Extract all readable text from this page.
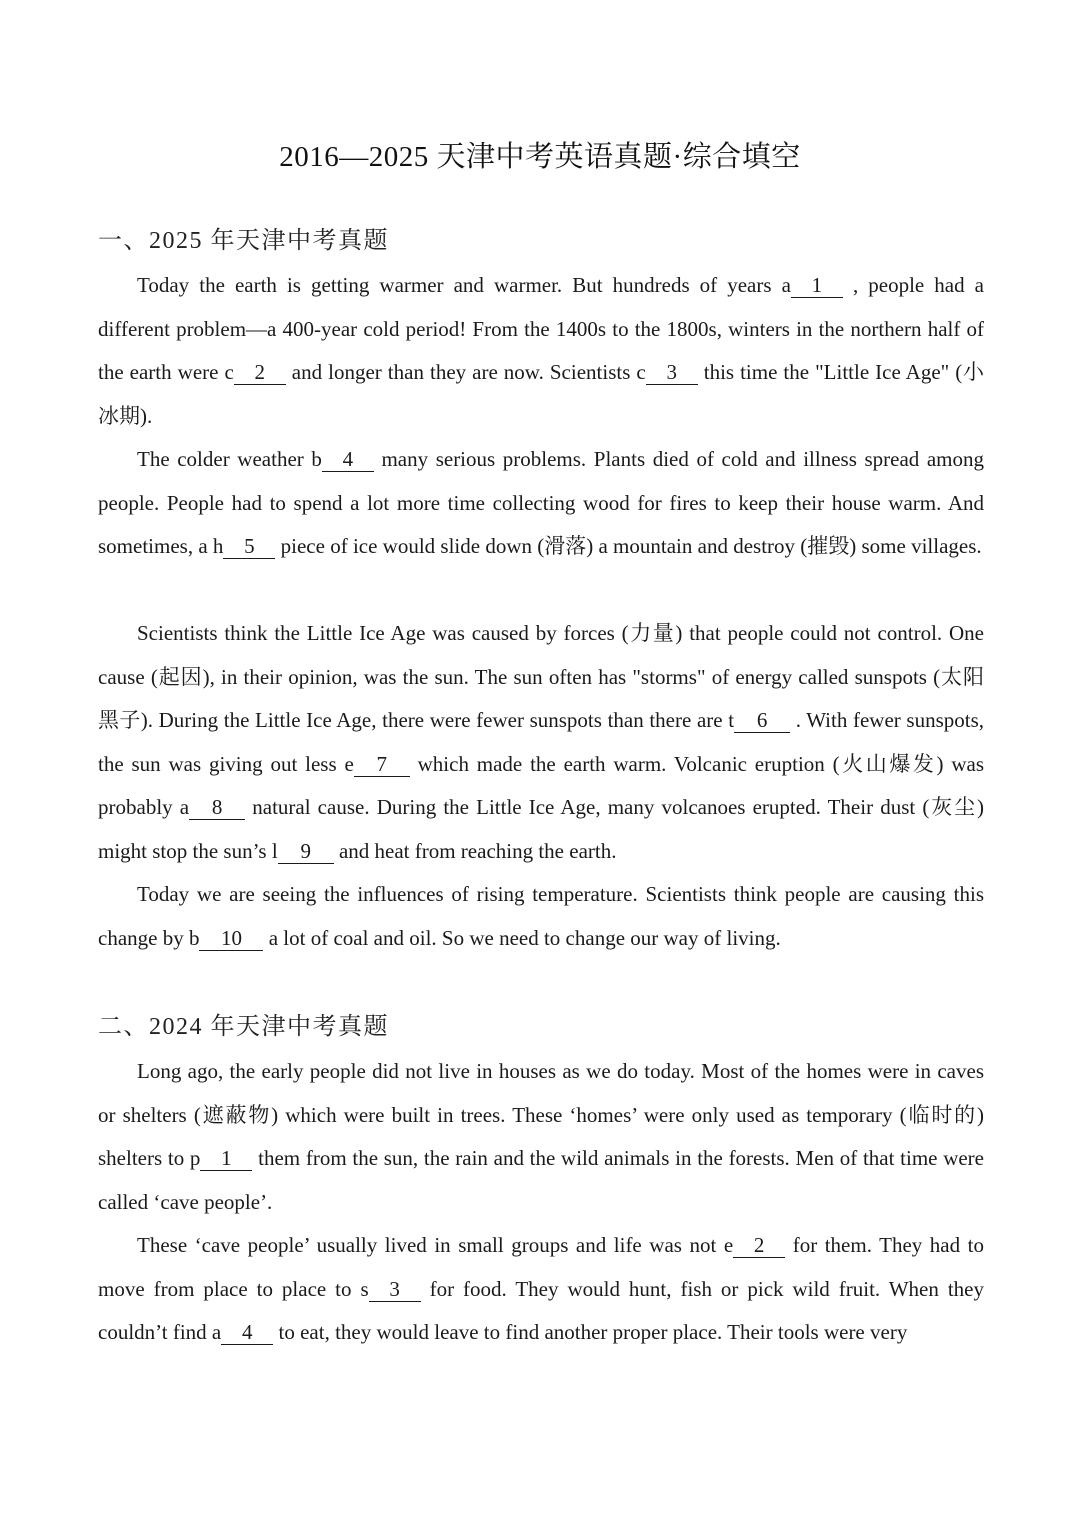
2016—2025 天津中考英语真题·综合填空
一、2025 年天津中考真题

Today the earth is getting warmer and warmer. But hundreds of years a 1 , people had a different problem—a 400-year cold period! From the 1400s to the 1800s, winters in the northern half of the earth were c 2 and longer than they are now. Scientists c 3 this time the "Little Ice Age" (小冰期).

The colder weather b 4 many serious problems. Plants died of cold and illness spread among people. People had to spend a lot more time collecting wood for fires to keep their house warm. And sometimes, a h 5 piece of ice would slide down (滑落) a mountain and destroy (摧毁) some villages.

Scientists think the Little Ice Age was caused by forces (力量) that people could not control. One cause (起因), in their opinion, was the sun. The sun often has "storms" of energy called sunspots (太阳黑子). During the Little Ice Age, there were fewer sunspots than there are t 6 . With fewer sunspots, the sun was giving out less e 7 which made the earth warm. Volcanic eruption (火山爆发) was probably a 8 natural cause. During the Little Ice Age, many volcanoes erupted. Their dust (灰尘) might stop the sun’s l 9 and heat from reaching the earth.

Today we are seeing the influences of rising temperature. Scientists think people are causing this change by b 10 a lot of coal and oil. So we need to change our way of living.

二、2024 年天津中考真题

Long ago, the early people did not live in houses as we do today. Most of the homes were in caves or shelters (遮蔽物) which were built in trees. These ‘homes’ were only used as temporary (临时的) shelters to p 1 them from the sun, the rain and the wild animals in the forests. Men of that time were called ‘cave people’.

These ‘cave people’ usually lived in small groups and life was not e 2 for them. They had to move from place to place to s 3 for food. They would hunt, fish or pick wild fruit. When they couldn’t find a 4 to eat, they would leave to find another proper place. Their tools were very
